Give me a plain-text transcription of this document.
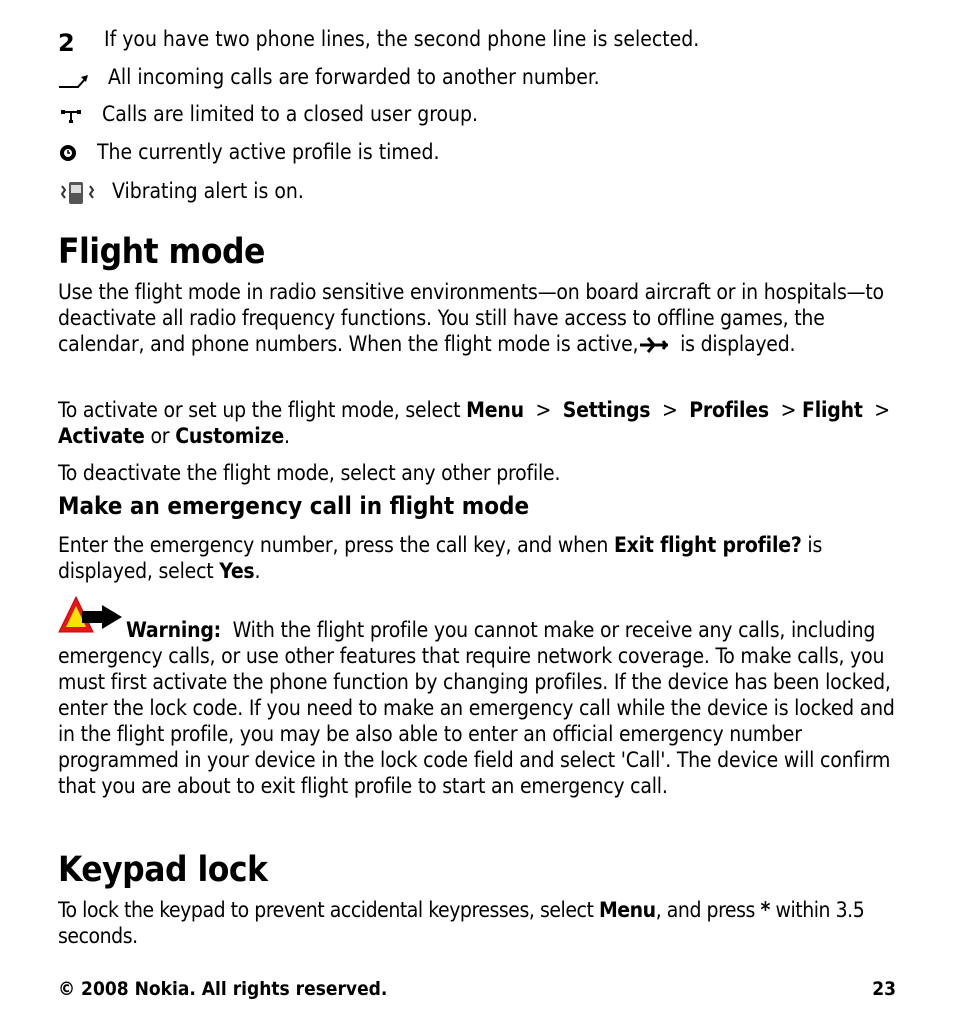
2 If you have two phone lines, the second phone line is selected.
All incoming calls are forwarded to another number.
Calls are limited to a closed user group.
The currently active profile is timed.
Vibrating alert is on.
Flight mode

Use the flight mode in radio sensitive environments—on board aircraft or in hospitals—to deactivate all radio frequency functions. You still have access to offline games, the calendar, and phone numbers. When the flight mode is active, is displayed.

To activate or set up the flight mode, select Menu > Settings > Profiles > Flight >  Activate or Customize.

To deactivate the flight mode, select any other profile.

Make an emergency call in flight mode

Enter the emergency number, press the call key, and when Exit flight profile? is displayed, select Yes.

Warning: With the flight profile you cannot make or receive any calls, including emergency calls, or use other features that require network coverage. To make calls, you must first activate the phone function by changing profiles. If the device has been locked, enter the lock code. If you need to make an emergency call while the device is locked and in the flight profile, you may be also able to enter an official emergency number programmed in your device in the lock code field and select 'Call'. The device will confirm that you are about to exit flight profile to start an emergency call.

Keypad lock

To lock the keypad to prevent accidental keypresses, select Menu, and press * within 3.5 seconds.

© 2008 Nokia. All rights reserved.	23
